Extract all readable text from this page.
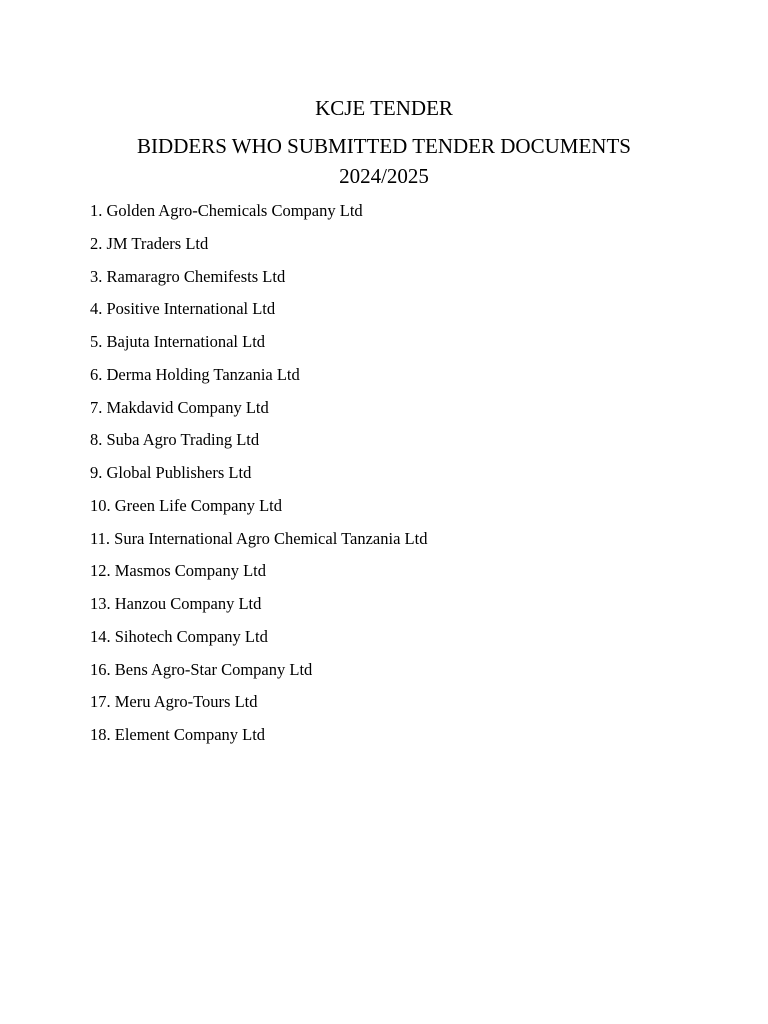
KCJE TENDER
BIDDERS WHO SUBMITTED TENDER DOCUMENTS 2024/2025
1. Golden Agro-Chemicals Company Ltd
2. JM Traders Ltd
3. Ramaragro Chemifests Ltd
4. Positive International Ltd
5. Bajuta International Ltd
6. Derma Holding Tanzania Ltd
7. Makdavid Company Ltd
8. Suba Agro Trading Ltd
9. Global Publishers Ltd
10. Green Life Company Ltd
11. Sura International Agro Chemical Tanzania Ltd
12. Masmos Company Ltd
13. Hanzou Company Ltd
14. Sihotech Company Ltd
16. Bens Agro-Star Company Ltd
17. Meru Agro-Tours Ltd
18. Element Company Ltd
